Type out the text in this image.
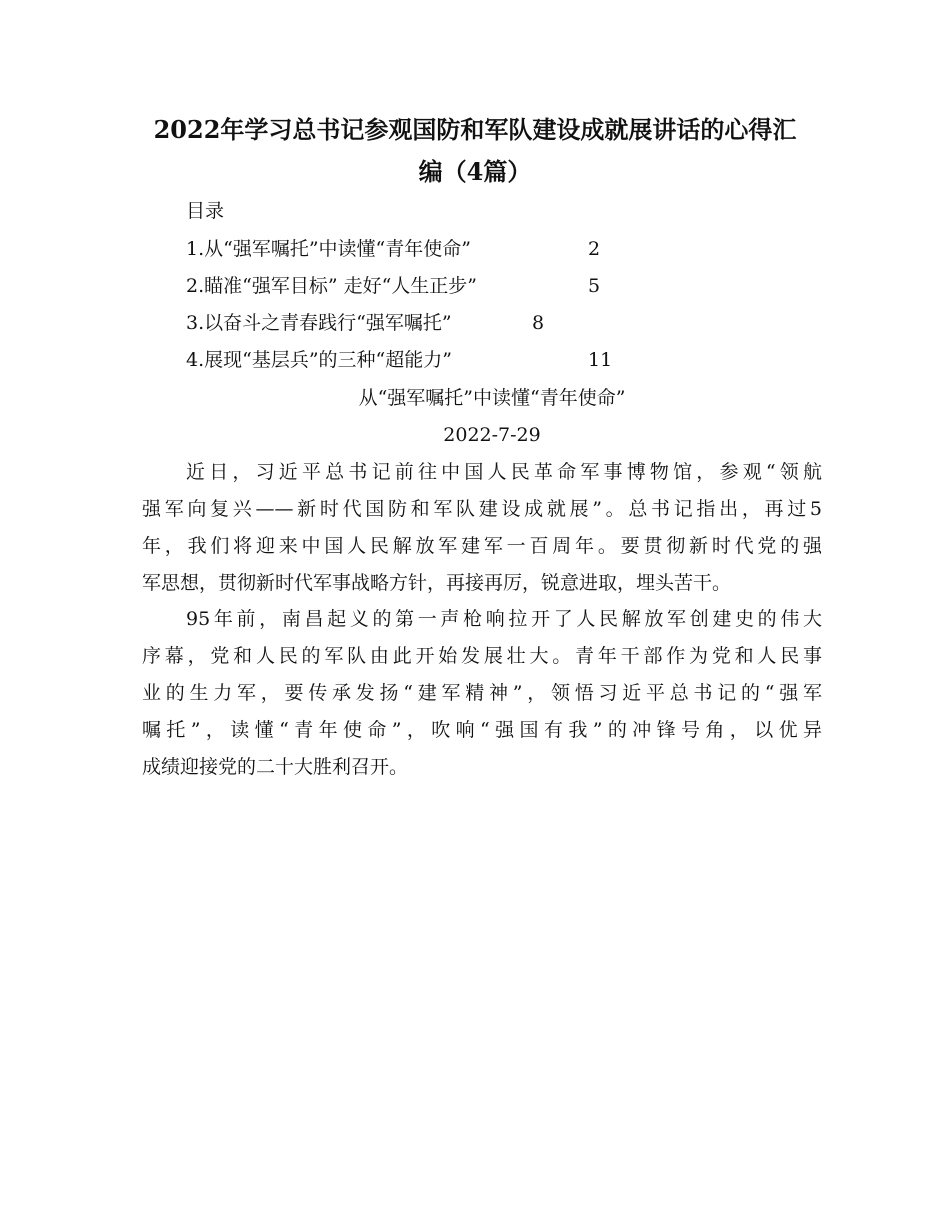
2022年学习总书记参观国防和军队建设成就展讲话的心得汇
编（4篇）
目录
1.从“强军嘱托”中读懂“青年使命”	2
2.瞄准“强军目标” 走好“人生正步”	5
3.以奋斗之青春践行“强军嘱托”	8
4.展现“基层兵”的三种“超能力”	11
从“强军嘱托”中读懂“青年使命”
2022-7-29
近日，习近平总书记前往中国人民革命军事博物馆，参观“领航
强军向复兴——新时代国防和军队建设成就展”。总书记指出，再过5
年，我们将迎来中国人民解放军建军一百周年。要贯彻新时代党的强
军思想，贯彻新时代军事战略方针，再接再厉，锐意进取，埋头苦干。
95年前，南昌起义的第一声枪响拉开了人民解放军创建史的伟大
序幕，党和人民的军队由此开始发展壮大。青年干部作为党和人民事
业的生力军，要传承发扬“建军精神”，领悟习近平总书记的“强军
嘱托”，读懂“青年使命”，吹响“强国有我”的冲锋号角，以优异
成绩迎接党的二十大胜利召开。
